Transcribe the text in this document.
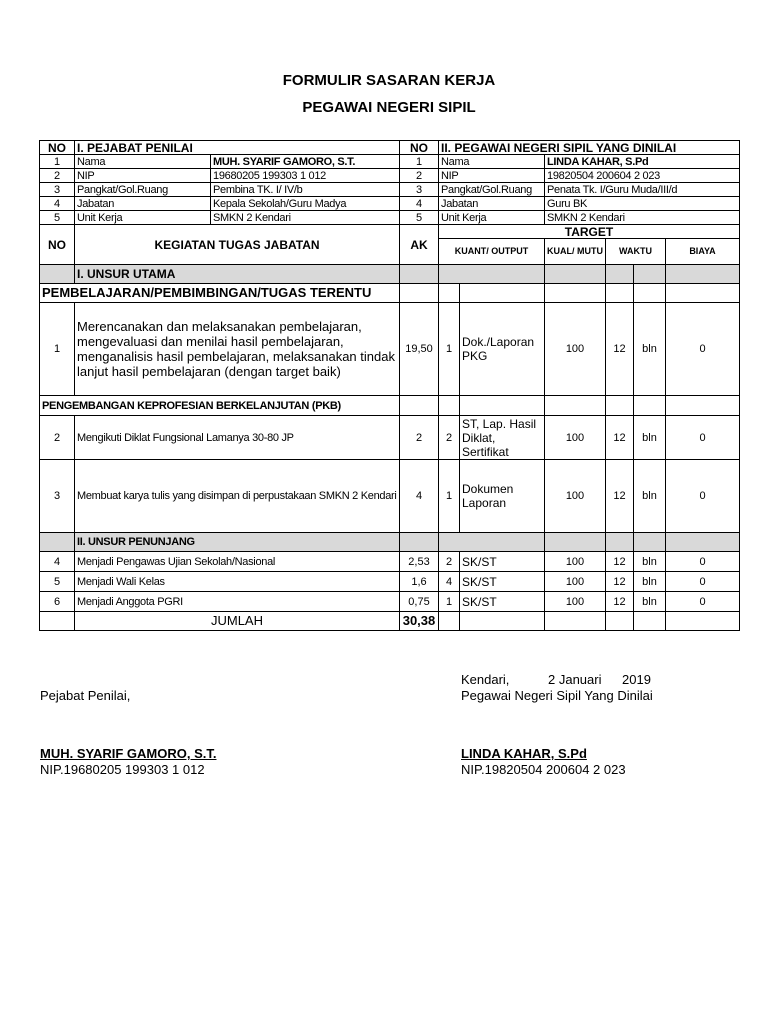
FORMULIR SASARAN KERJA
PEGAWAI NEGERI SIPIL
NO	I. PEJABAT PENILAI		NO	II. PEGAWAI NEGERI SIPIL YANG DINILAI					
1	Nama	MUH. SYARIF GAMORO, S.T.	1	Nama		LINDA KAHAR, S.Pd			
2	NIP	19680205 199303 1 012	2	NIP		19820504 200604 2 023			
3	Pangkat/Gol.Ruang	Pembina TK. I/ IV/b	3	Pangkat/Gol.Ruang		Penata Tk. I/Guru Muda/III/d			
4	Jabatan	Kepala Sekolah/Guru Madya	4	Jabatan		Guru BK			
5	Unit Kerja	SMKN 2 Kendari	5	Unit Kerja		SMKN 2 Kendari			
NO	KEGIATAN TUGAS JABATAN		AK	TARGET					
				KUANT/ OUTPUT		KUAL/ MUTU	WAKTU		BIAYA
	I. UNSUR UTAMA								
PEMBELAJARAN/PEMBIMBINGAN/TUGAS TERENTU									
1	Merencanakan dan melaksanakan pembelajaran, mengevaluasi dan menilai hasil pembelajaran, menganalisis hasil pembelajaran, melaksanakan tindak lanjut hasil pembelajaran (dengan target baik)		19,50	1	Dok./Laporan PKG	100	12	bln	0
PENGEMBANGAN KEPROFESIAN BERKELANJUTAN (PKB)									
2	Mengikuti Diklat Fungsional Lamanya 30-80 JP		2	2	ST, Lap. Hasil Diklat, Sertifikat	100	12	bln	0
3	Membuat karya tulis yang disimpan di perpustakaan SMKN 2 Kendari		4	1	Dokumen Laporan	100	12	bln	0
	II. UNSUR PENUNJANG								
4	Menjadi Pengawas Ujian Sekolah/Nasional		2,53	2	SK/ST	100	12	bln	0
5	Menjadi Wali Kelas		1,6	4	SK/ST	100	12	bln	0
6	Menjadi Anggota PGRI		0,75	1	SK/ST	100	12	bln	0
	JUMLAH		30,38						
Kendari,	2 Januari 2019
Pejabat Penilai,	Pegawai Negeri Sipil Yang Dinilai
MUH. SYARIF GAMORO, S.T.
NIP.19680205 199303 1 012
LINDA KAHAR, S.Pd
NIP.19820504 200604 2 023
